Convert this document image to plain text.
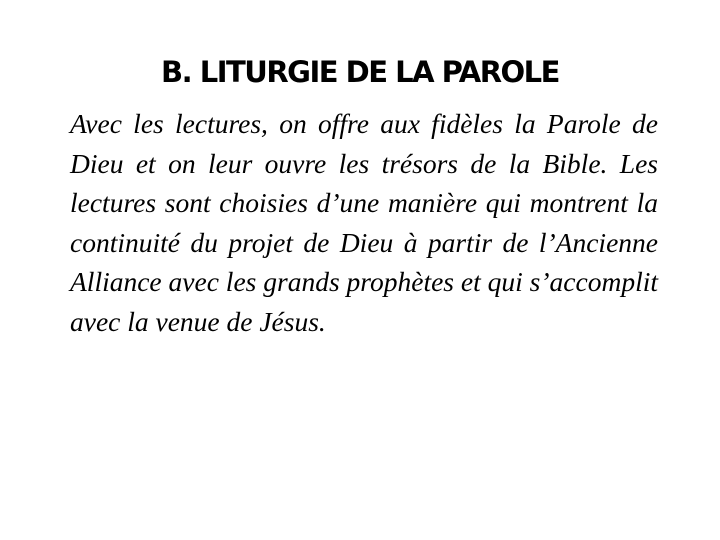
B. LITURGIE DE LA PAROLE

Avec les lectures, on offre aux fidèles la Parole de Dieu et on leur ouvre les trésors de la Bible. Les lectures sont choisies d’une manière qui montrent la continuité du projet de Dieu à partir de l’Ancienne Alliance avec les grands prophètes et qui s’accomplit avec la venue de Jésus.
